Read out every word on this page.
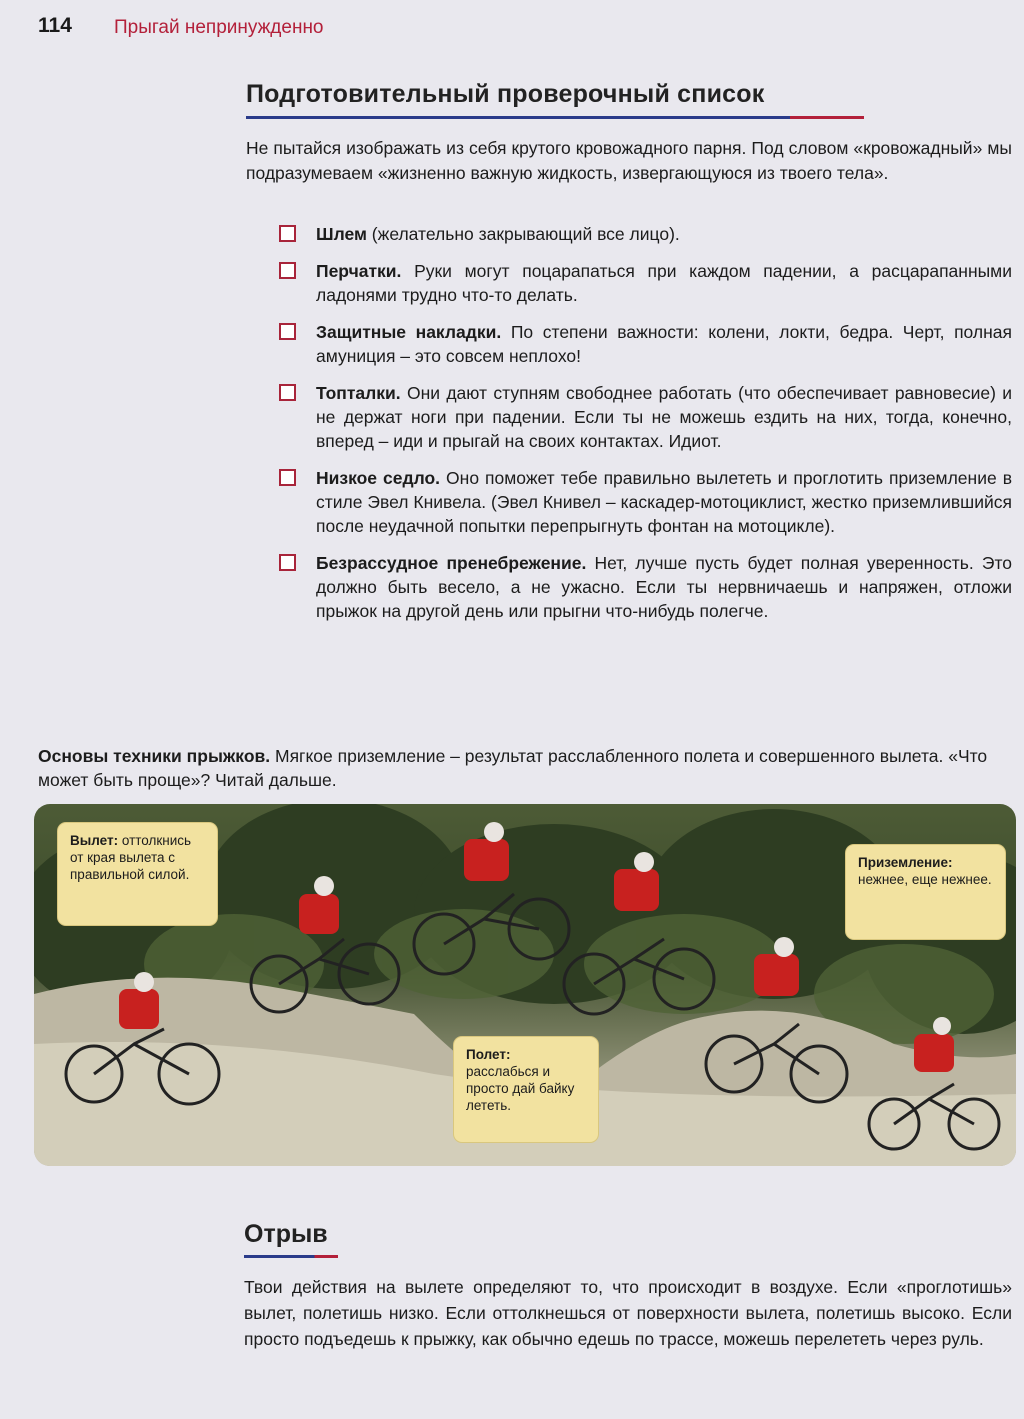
114 Прыгай непринужденно
Подготовительный проверочный список

Не пытайся изображать из себя крутого кровожадного парня. Под словом «кровожадный» мы подразумеваем «жизненно важную жидкость, извергающуюся из твоего тела».

Шлем (желательно закрывающий все лицо).
Перчатки. Руки могут поцарапаться при каждом падении, а расцарапанными ладонями трудно что-то делать.
Защитные накладки. По степени важности: колени, локти, бедра. Черт, полная амуниция – это совсем неплохо!
Топталки. Они дают ступням свободнее работать (что обеспечивает равновесие) и не держат ноги при падении. Если ты не можешь ездить на них, тогда, конечно, вперед – иди и прыгай на своих контактах. Идиот.
Низкое седло. Оно поможет тебе правильно вылететь и проглотить приземление в стиле Эвел Книвела. (Эвел Книвел – каскадер-мотоциклист, жестко приземлившийся после неудачной попытки перепрыгнуть фонтан на мотоцикле).
Безрассудное пренебрежение. Нет, лучше пусть будет полная уверенность. Это должно быть весело, а не ужасно. Если ты нервничаешь и напряжен, отложи прыжок на другой день или прыгни что-нибудь полегче.

Основы техники прыжков. Мягкое приземление – результат расслабленного полета и совершенного вылета. «Что может быть проще»? Читай дальше.

Вылет: оттолкнись от края вылета с правильной силой.
Полет: расслабься и просто дай байку лететь.
Приземление: нежнее, еще нежнее.
Отрыв

Твои действия на вылете определяют то, что происходит в воздухе. Если «проглотишь» вылет, полетишь низко. Если оттолкнешься от поверхности вылета, полетишь высоко. Если просто подъедешь к прыжку, как обычно едешь по трассе, можешь перелететь через руль.
